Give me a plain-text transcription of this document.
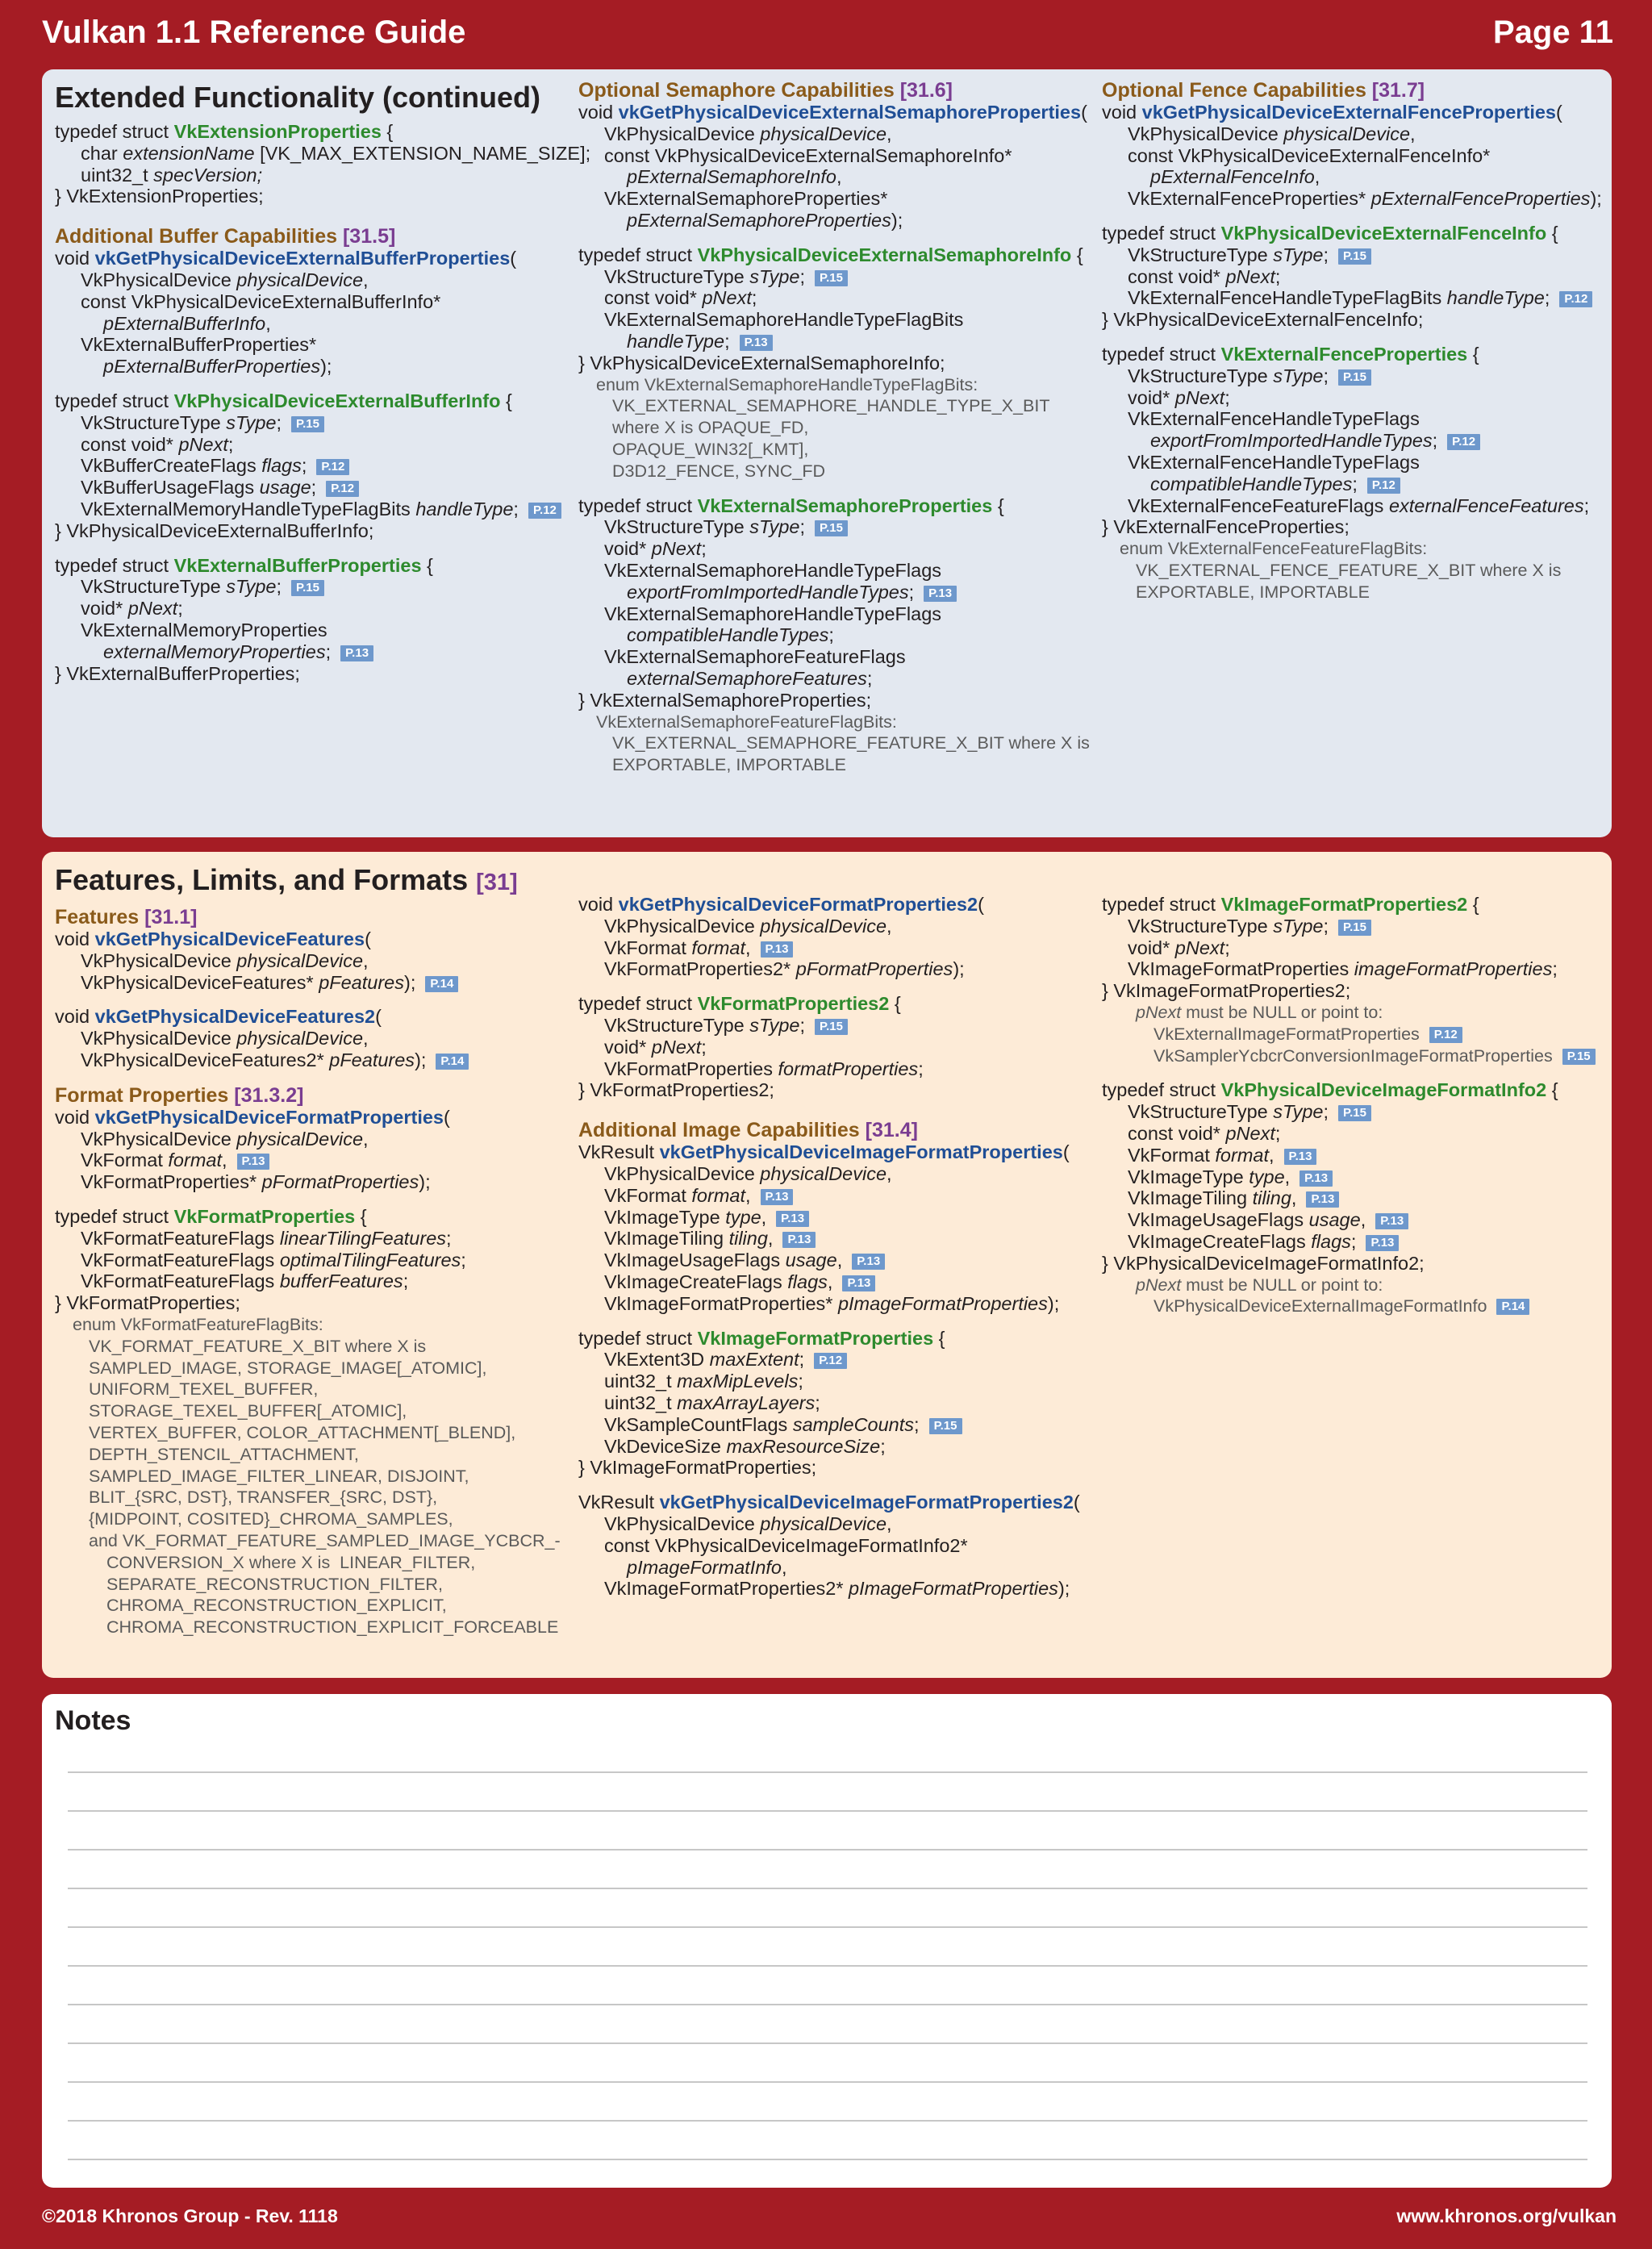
Vulkan 1.1 Reference Guide	Page 11
Extended Functionality (continued)
typedef struct VkExtensionProperties {
char extensionName [VK_MAX_EXTENSION_NAME_SIZE];
uint32_t specVersion;
} VkExtensionProperties;
Additional Buffer Capabilities [31.5]
void vkGetPhysicalDeviceExternalBufferProperties(
VkPhysicalDevice physicalDevice,
const VkPhysicalDeviceExternalBufferInfo*
pExternalBufferInfo,
VkExternalBufferProperties*
pExternalBufferProperties);
typedef struct VkPhysicalDeviceExternalBufferInfo {
VkStructureType sType; P.15
const void* pNext;
VkBufferCreateFlags flags; P.12
VkBufferUsageFlags usage; P.12
VkExternalMemoryHandleTypeFlagBits handleType; P.12
} VkPhysicalDeviceExternalBufferInfo;
typedef struct VkExternalBufferProperties {
VkStructureType sType; P.15
void* pNext;
VkExternalMemoryProperties
externalMemoryProperties; P.13
} VkExternalBufferProperties;
Optional Semaphore Capabilities [31.6]
void vkGetPhysicalDeviceExternalSemaphoreProperties(
VkPhysicalDevice physicalDevice,
const VkPhysicalDeviceExternalSemaphoreInfo*
pExternalSemaphoreInfo,
VkExternalSemaphoreProperties*
pExternalSemaphoreProperties);
typedef struct VkPhysicalDeviceExternalSemaphoreInfo {
VkStructureType sType; P.15
const void* pNext;
VkExternalSemaphoreHandleTypeFlagBits
handleType; P.13
} VkPhysicalDeviceExternalSemaphoreInfo;
enum VkExternalSemaphoreHandleTypeFlagBits:
VK_EXTERNAL_SEMAPHORE_HANDLE_TYPE_X_BIT
where X is OPAQUE_FD,
OPAQUE_WIN32[_KMT],
D3D12_FENCE, SYNC_FD
typedef struct VkExternalSemaphoreProperties {
VkStructureType sType; P.15
void* pNext;
VkExternalSemaphoreHandleTypeFlags
exportFromImportedHandleTypes; P.13
VkExternalSemaphoreHandleTypeFlags
compatibleHandleTypes;
VkExternalSemaphoreFeatureFlags
externalSemaphoreFeatures;
} VkExternalSemaphoreProperties;
VkExternalSemaphoreFeatureFlagBits:
VK_EXTERNAL_SEMAPHORE_FEATURE_X_BIT where X is
EXPORTABLE, IMPORTABLE
Optional Fence Capabilities [31.7]
void vkGetPhysicalDeviceExternalFenceProperties(
VkPhysicalDevice physicalDevice,
const VkPhysicalDeviceExternalFenceInfo*
pExternalFenceInfo,
VkExternalFenceProperties* pExternalFenceProperties);
typedef struct VkPhysicalDeviceExternalFenceInfo {
VkStructureType sType; P.15
const void* pNext;
VkExternalFenceHandleTypeFlagBits handleType; P.12
} VkPhysicalDeviceExternalFenceInfo;
typedef struct VkExternalFenceProperties {
VkStructureType sType; P.15
void* pNext;
VkExternalFenceHandleTypeFlags
exportFromImportedHandleTypes; P.12
VkExternalFenceHandleTypeFlags
compatibleHandleTypes; P.12
VkExternalFenceFeatureFlags externalFenceFeatures;
} VkExternalFenceProperties;
enum VkExternalFenceFeatureFlagBits:
VK_EXTERNAL_FENCE_FEATURE_X_BIT where X is
EXPORTABLE, IMPORTABLE
Features, Limits, and Formats [31]
Features [31.1]
void vkGetPhysicalDeviceFeatures(
VkPhysicalDevice physicalDevice,
VkPhysicalDeviceFeatures* pFeatures); P.14
void vkGetPhysicalDeviceFeatures2(
VkPhysicalDevice physicalDevice,
VkPhysicalDeviceFeatures2* pFeatures); P.14
Format Properties [31.3.2]
void vkGetPhysicalDeviceFormatProperties(
VkPhysicalDevice physicalDevice,
VkFormat format, P.13
VkFormatProperties* pFormatProperties);
typedef struct VkFormatProperties {
VkFormatFeatureFlags linearTilingFeatures;
VkFormatFeatureFlags optimalTilingFeatures;
VkFormatFeatureFlags bufferFeatures;
} VkFormatProperties;
enum VkFormatFeatureFlagBits:
VK_FORMAT_FEATURE_X_BIT where X is
SAMPLED_IMAGE, STORAGE_IMAGE[_ATOMIC],
UNIFORM_TEXEL_BUFFER,
STORAGE_TEXEL_BUFFER[_ATOMIC],
VERTEX_BUFFER, COLOR_ATTACHMENT[_BLEND],
DEPTH_STENCIL_ATTACHMENT,
SAMPLED_IMAGE_FILTER_LINEAR, DISJOINT,
BLIT_{SRC, DST}, TRANSFER_{SRC, DST},
{MIDPOINT, COSITED}_CHROMA_SAMPLES,
and VK_FORMAT_FEATURE_SAMPLED_IMAGE_YCBCR_-
CONVERSION_X where X is  LINEAR_FILTER,
SEPARATE_RECONSTRUCTION_FILTER,
CHROMA_RECONSTRUCTION_EXPLICIT,
CHROMA_RECONSTRUCTION_EXPLICIT_FORCEABLE
void vkGetPhysicalDeviceFormatProperties2(
VkPhysicalDevice physicalDevice,
VkFormat format, P.13
VkFormatProperties2* pFormatProperties);
typedef struct VkFormatProperties2 {
VkStructureType sType; P.15
void* pNext;
VkFormatProperties formatProperties;
} VkFormatProperties2;
Additional Image Capabilities [31.4]
VkResult vkGetPhysicalDeviceImageFormatProperties(
VkPhysicalDevice physicalDevice,
VkFormat format, P.13
VkImageType type, P.13
VkImageTiling tiling, P.13
VkImageUsageFlags usage, P.13
VkImageCreateFlags flags, P.13
VkImageFormatProperties* pImageFormatProperties);
typedef struct VkImageFormatProperties {
VkExtent3D maxExtent; P.12
uint32_t maxMipLevels;
uint32_t maxArrayLayers;
VkSampleCountFlags sampleCounts; P.15
VkDeviceSize maxResourceSize;
} VkImageFormatProperties;
VkResult vkGetPhysicalDeviceImageFormatProperties2(
VkPhysicalDevice physicalDevice,
const VkPhysicalDeviceImageFormatInfo2*
pImageFormatInfo,
VkImageFormatProperties2* pImageFormatProperties);
typedef struct VkImageFormatProperties2 {
VkStructureType sType; P.15
void* pNext;
VkImageFormatProperties imageFormatProperties;
} VkImageFormatProperties2;
pNext must be NULL or point to:
VkExternalImageFormatProperties P.12
VkSamplerYcbcrConversionImageFormatProperties P.15
typedef struct VkPhysicalDeviceImageFormatInfo2 {
VkStructureType sType; P.15
const void* pNext;
VkFormat format, P.13
VkImageType type, P.13
VkImageTiling tiling, P.13
VkImageUsageFlags usage, P.13
VkImageCreateFlags flags; P.13
} VkPhysicalDeviceImageFormatInfo2;
pNext must be NULL or point to:
VkPhysicalDeviceExternalImageFormatInfo P.14
Notes
©2018 Khronos Group - Rev. 1118	www.khronos.org/vulkan
